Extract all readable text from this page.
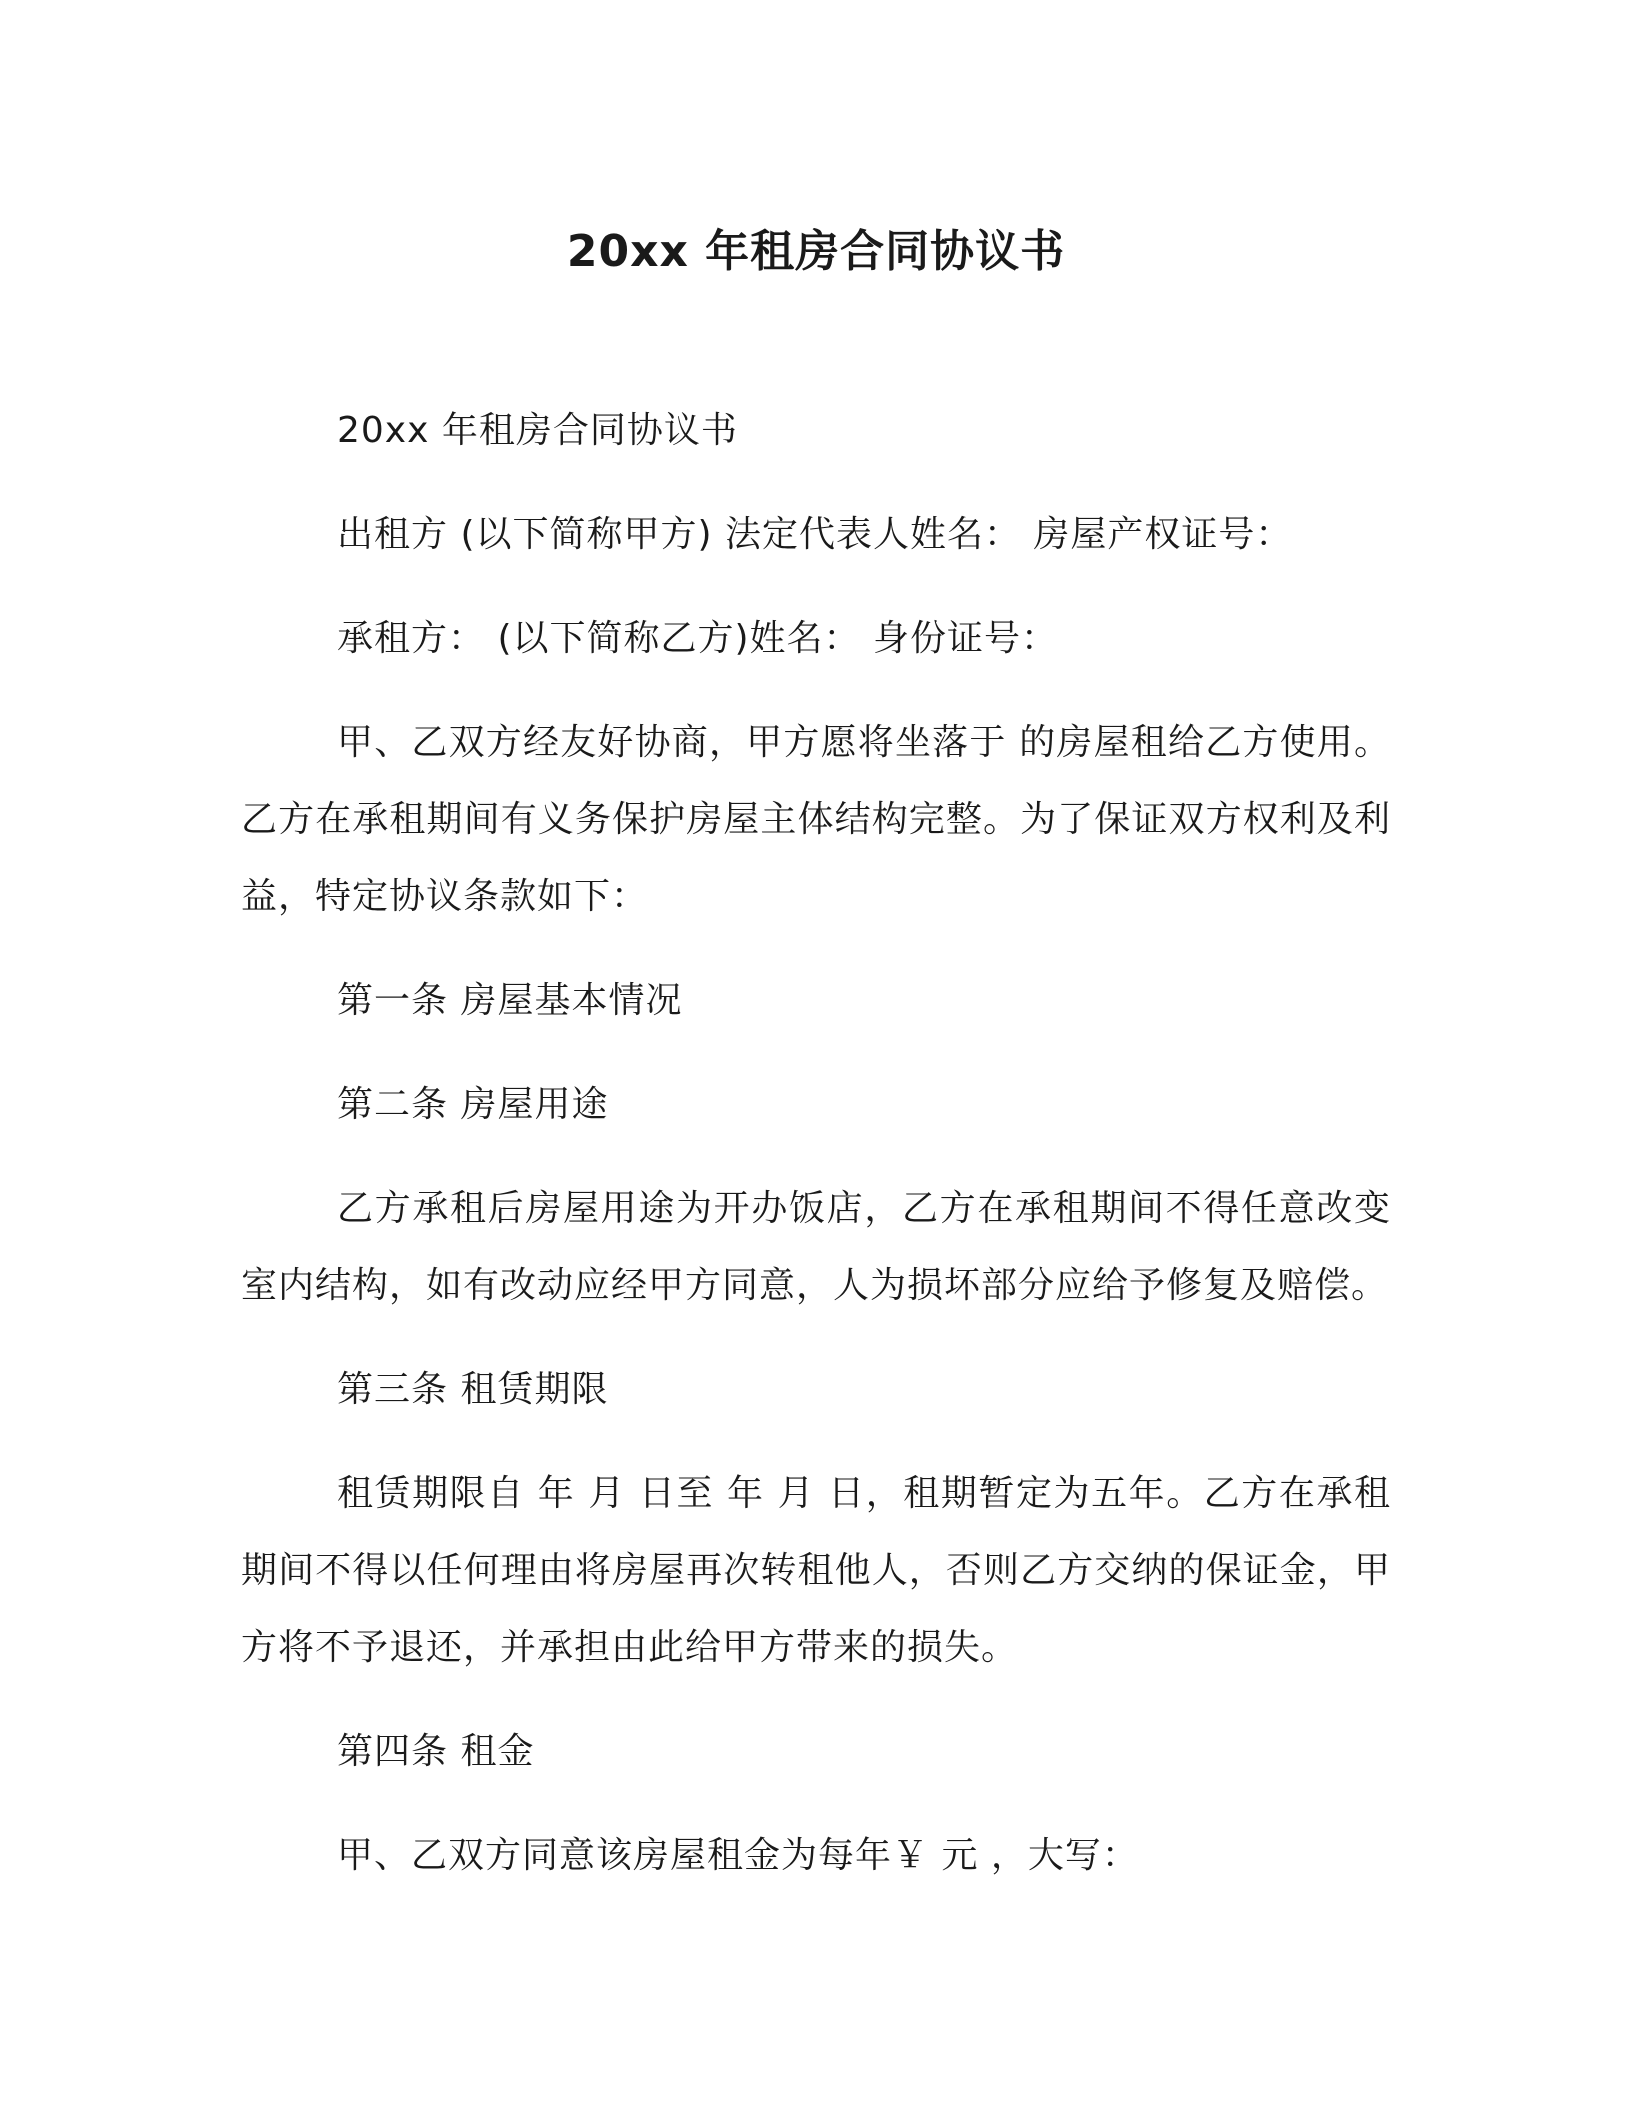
20xx 年租房合同协议书

20xx 年租房合同协议书

出租方 (以下简称甲方) 法定代表人姓名： 房屋产权证号：

承租方： (以下简称乙方)姓名： 身份证号：

甲、乙双方经友好协商，甲方愿将坐落于 的房屋租给乙方使用。乙方在承租期间有义务保护房屋主体结构完整。为了保证双方权利及利益，特定协议条款如下：

第一条 房屋基本情况

第二条 房屋用途

乙方承租后房屋用途为开办饭店，乙方在承租期间不得任意改变室内结构，如有改动应经甲方同意，人为损坏部分应给予修复及赔偿。

第三条 租赁期限

租赁期限自 年 月 日至 年 月 日，租期暂定为五年。乙方在承租期间不得以任何理由将房屋再次转租他人，否则乙方交纳的保证金，甲方将不予退还，并承担由此给甲方带来的损失。

第四条 租金

甲、乙双方同意该房屋租金为每年￥ 元 ，大写：
